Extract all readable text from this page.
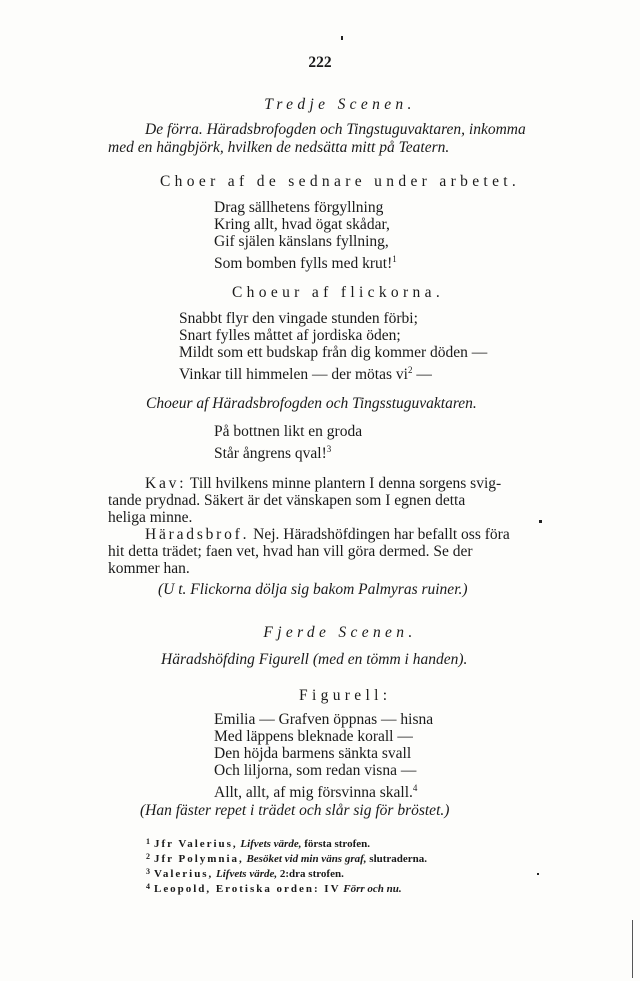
222
Tredje Scenen.
De förra. Häradsbrofogden och Tingstuguvaktaren, inkomma
med en hängbjörk, hvilken de nedsätta mitt på Teatern.
Choer af de sednare under arbetet.
Drag sällhetens förgyllning
Kring allt, hvad ögat skådar,
Gif själen känslans fyllning,
Som bomben fylls med krut!$^1$
Choeur af flickorna.
Snabbt flyr den vingade stunden förbi;
Snart fylles måttet af jordiska öden;
Mildt som ett budskap från dig kommer döden —
Vinkar till himmelen — der mötas $vi^2$ —
Choeur af Häradsbrofogden och Tingsstuguvaktaren.
På bottnen likt en groda
Står ångrens qval!$^3$
Kav: Till hvilkens minne plantern I denna sorgens svig-
tande prydnad. Säkert är det vänskapen som I egnen detta
heliga minne.
Häradsbrof. Nej. Häradshöfdingen har befallt oss föra
hit detta trädet; faen vet, hvad han vill göra dermed. Se der
kommer han.
(U t. Flickorna dölja sig bakom Palmyras ruiner.)
Fjerde Scenen.
Häradshöfding Figurell (med en tömm i handen).
Figurell:
Emilia — Grafven öppnas — hisna
Med läppens bleknade korall —
Den höjda barmens sänkta svall
Och liljorna, som redan visna —
Allt, allt, af mig försvinna skall.$^4$
(Han fäster repet i trädet och slår sig för bröstet.)
$^1$ Jfr Valerius, Lifvets värde, första strofen.
$^2$ Jfr Polymnia, Besöket vid min väns graf, slutraderna.
$^3$ Valerius, Lifvets värde, 2:dra strofen.
$^4$ Leopold, Erotiska orden: IV Förr och nu.
